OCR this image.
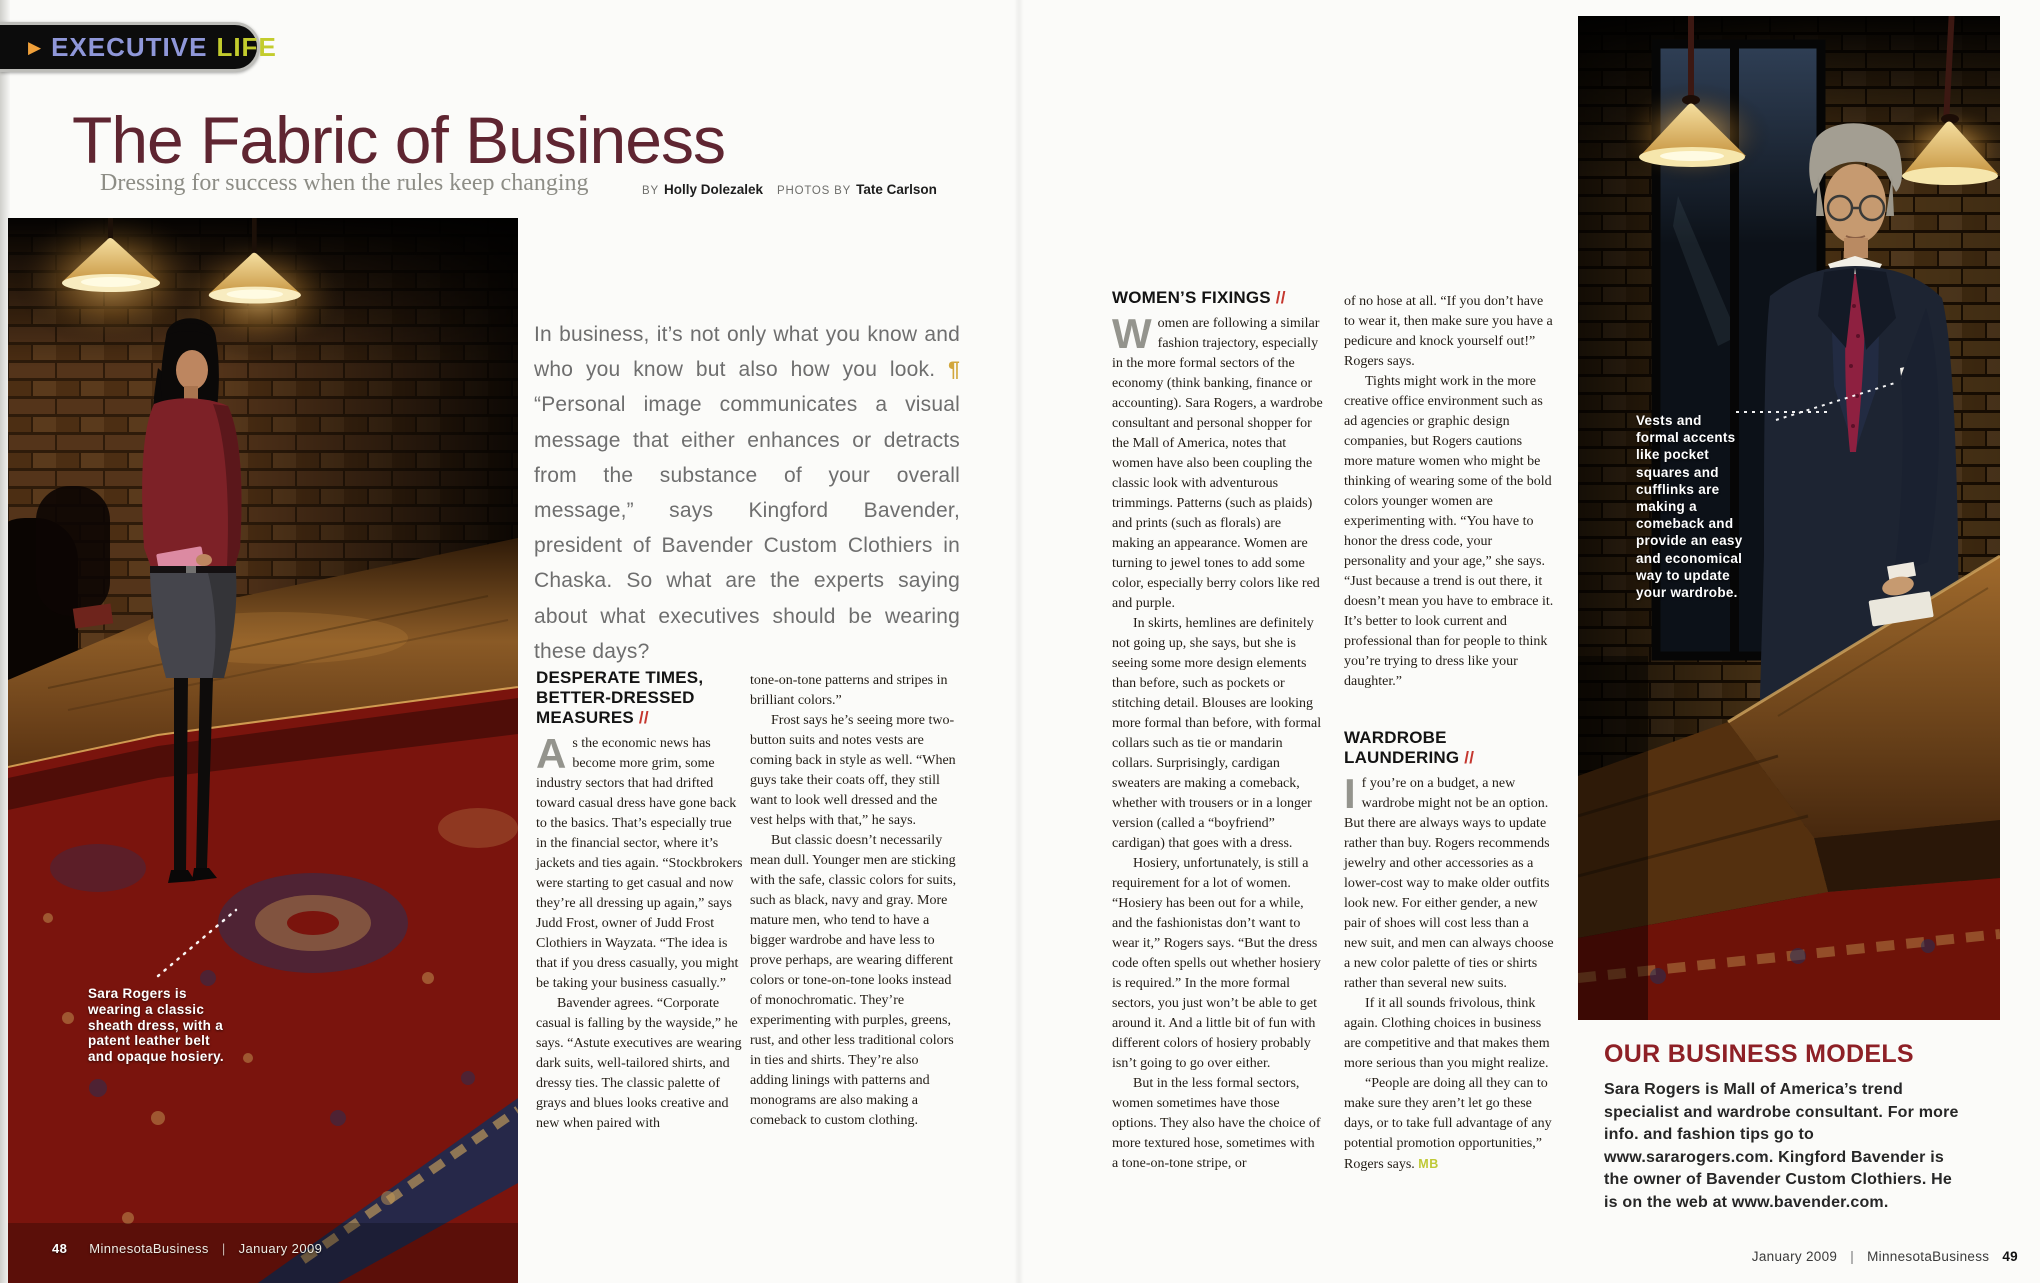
▶ EXECUTIVE LIFE
The Fabric of Business
Dressing for success when the rules keep changing	BY Holly Dolezalek PHOTOS BY Tate Carlson
Sara Rogers is wearing a classic sheath dress, with a patent leather belt and opaque hosiery.
Vests and formal accents like pocket squares and cufflinks are making a comeback and provide an easy and economical way to update your wardrobe.

In business, it’s not only what you know and who you know but also how you look. ¶ “Personal image communicates a visual message that either enhances or detracts from the substance of your overall message,” says Kingford Bavender, president of Bavender Custom Clothiers in Chaska. So what are the experts saying about what executives should be wearing these days?

DESPERATE TIMES, BETTER-DRESSED MEASURES //

As the economic news has become more grim, some industry sectors that had drifted toward casual dress have gone back to the basics. That’s especially true in the financial sector, where it’s jackets and ties again. “Stockbrokers were starting to get casual and now they’re all dressing up again,” says Judd Frost, owner of Judd Frost Clothiers in Wayzata. “The idea is that if you dress casually, you might be taking your business casually.”

Bavender agrees. “Corporate casual is falling by the wayside,” he says. “Astute executives are wearing dark suits, well-tailored shirts, and dressy ties. The classic palette of grays and blues looks creative and new when paired with

tone-on-tone patterns and stripes in brilliant colors.”

Frost says he’s seeing more two-button suits and notes vests are coming back in style as well. “When guys take their coats off, they still want to look well dressed and the vest helps with that,” he says.

But classic doesn’t necessarily mean dull. Younger men are sticking with the safe, classic colors for suits, such as black, navy and gray. More mature men, who tend to have a bigger wardrobe and have less to prove perhaps, are wearing different colors or tone-on-tone looks instead of monochromatic. They’re experimenting with purples, greens, rust, and other less traditional colors in ties and shirts. They’re also adding linings with patterns and monograms are also making a comeback to custom clothing.

WOMEN’S FIXINGS //

Women are following a similar fashion trajectory, especially in the more formal sectors of the economy (think banking, finance or accounting). Sara Rogers, a wardrobe consultant and personal shopper for the Mall of America, notes that women have also been coupling the classic look with adventurous trimmings. Patterns (such as plaids) and prints (such as florals) are making an appearance. Women are turning to jewel tones to add some color, especially berry colors like red and purple.

In skirts, hemlines are definitely not going up, she says, but she is seeing some more design elements than before, such as pockets or stitching detail. Blouses are looking more formal than before, with formal collars such as tie or mandarin collars. Surprisingly, cardigan sweaters are making a comeback, whether with trousers or in a longer version (called a “boyfriend” cardigan) that goes with a dress.

Hosiery, unfortunately, is still a requirement for a lot of women. “Hosiery has been out for a while, and the fashionistas don’t want to wear it,” Rogers says. “But the dress code often spells out whether hosiery is required.” In the more formal sectors, you just won’t be able to get around it. And a little bit of fun with different colors of hosiery probably isn’t going to go over either.

But in the less formal sectors, women sometimes have those options. They also have the choice of more textured hose, sometimes with a tone-on-tone stripe, or

of no hose at all. “If you don’t have to wear it, then make sure you have a pedicure and knock yourself out!” Rogers says.

Tights might work in the more creative office environment such as ad agencies or graphic design companies, but Rogers cautions more mature women who might be thinking of wearing some of the bold colors younger women are experimenting with. “You have to honor the dress code, your personality and your age,” she says. “Just because a trend is out there, it doesn’t mean you have to embrace it. It’s better to look current and professional than for people to think you’re trying to dress like your daughter.”

WARDROBE LAUNDERING //

If you’re on a budget, a new wardrobe might not be an option. But there are always ways to update rather than buy. Rogers recommends jewelry and other accessories as a lower-cost way to make older outfits look new. For either gender, a new pair of shoes will cost less than a new suit, and men can always choose a new color palette of ties or shirts rather than several new suits.

If it all sounds frivolous, think again. Clothing choices in business are competitive and that makes them more serious than you might realize.

“People are doing all they can to make sure they aren’t let go these days, or to take full advantage of any potential promotion opportunities,” Rogers says. MB

OUR BUSINESS MODELS

Sara Rogers is Mall of America’s trend specialist and wardrobe consultant. For more info. and fashion tips go to www.sararogers.com. Kingford Bavender is the owner of Bavender Custom Clothiers. He is on the web at www.bavender.com.

48 MinnesotaBusiness | January 2009
January 2009 | MinnesotaBusiness 49
